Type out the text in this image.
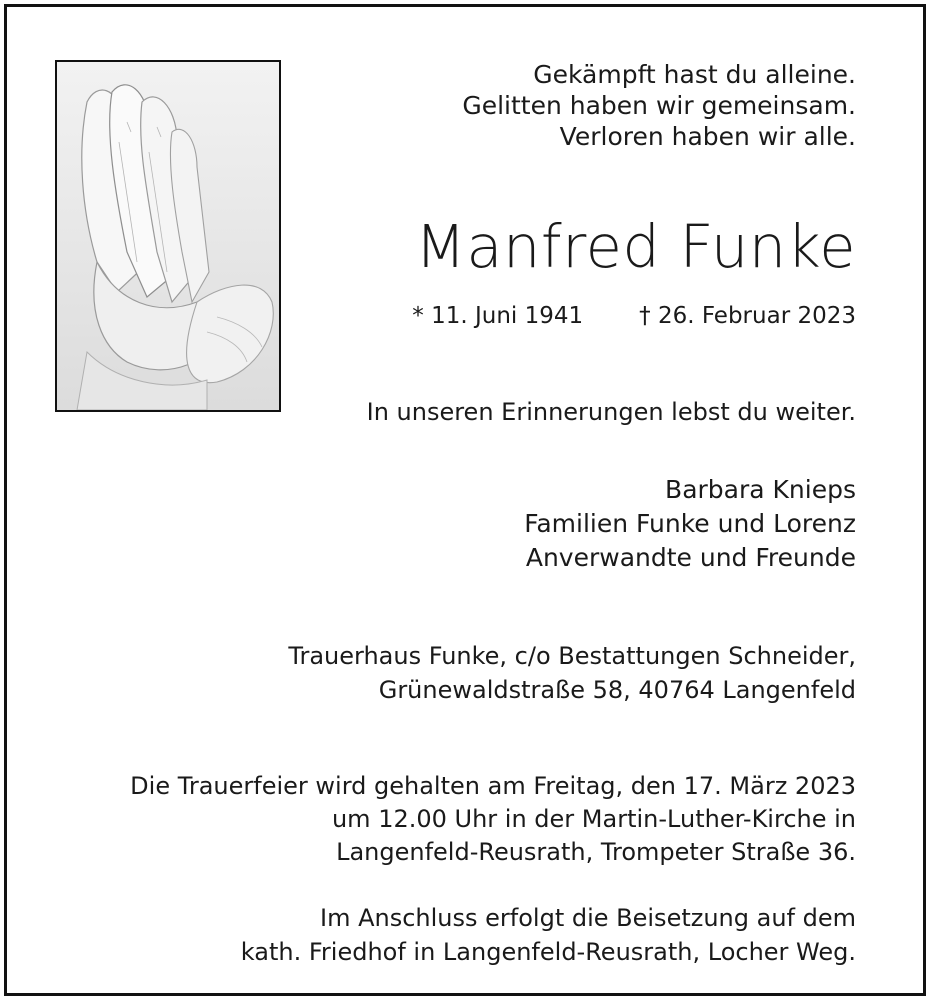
Gekämpft hast du alleine.
Gelitten haben wir gemeinsam.
Verloren haben wir alle.
Manfred Funke
* 11. Juni 1941 † 26. Februar 2023
In unseren Erinnerungen lebst du weiter.
Barbara Knieps
Familien Funke und Lorenz
Anverwandte und Freunde
Trauerhaus Funke, c/o Bestattungen Schneider,
Grünewaldstraße 58, 40764 Langenfeld
Die Trauerfeier wird gehalten am Freitag, den 17. März 2023
um 12.00 Uhr in der Martin-Luther-Kirche in
Langenfeld-Reusrath, Trompeter Straße 36.
Im Anschluss erfolgt die Beisetzung auf dem
kath. Friedhof in Langenfeld-Reusrath, Locher Weg.
